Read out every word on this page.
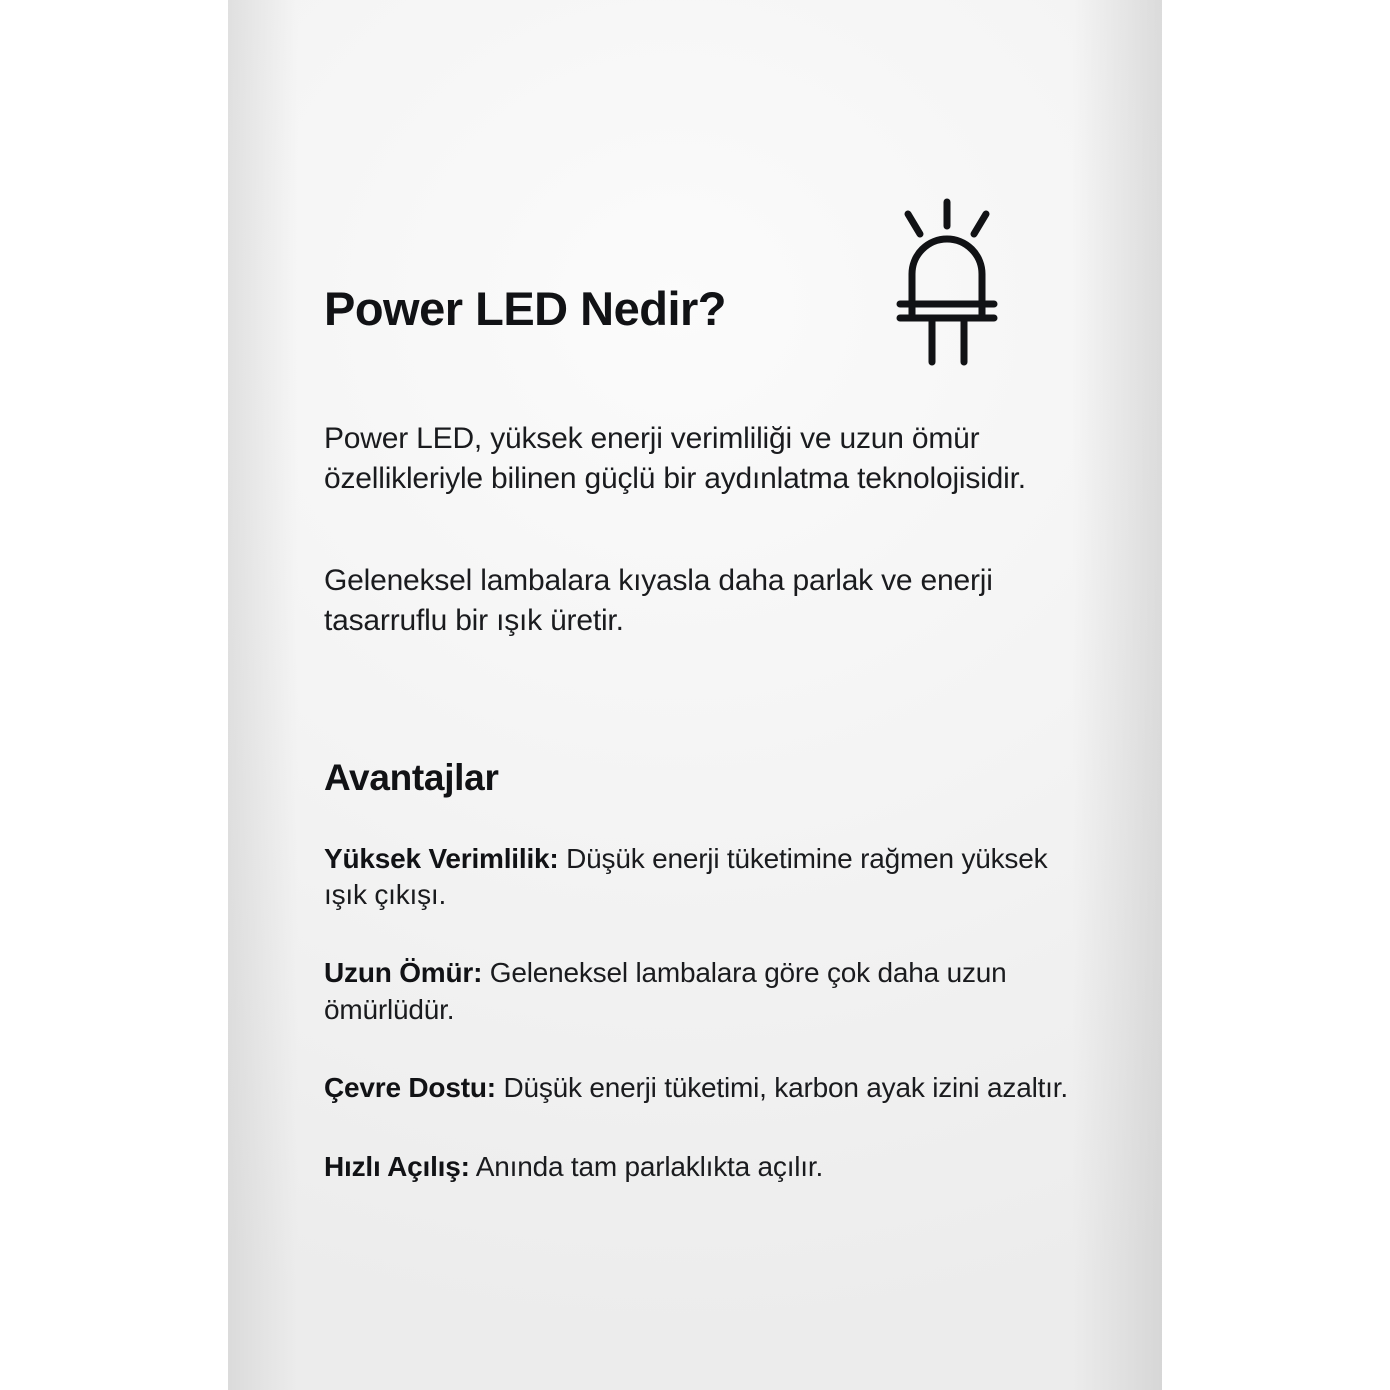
Power LED Nedir?

Power LED, yüksek enerji verimliliği ve uzun ömür özellikleriyle bilinen güçlü bir aydınlatma teknolojisidir.

Geleneksel lambalara kıyasla daha parlak ve enerji tasarruflu bir ışık üretir.

Avantajlar
Yüksek Verimlilik: Düşük enerji tüketimine rağmen yüksek ışık çıkışı.
Uzun Ömür: Geleneksel lambalara göre çok daha uzun ömürlüdür.
Çevre Dostu: Düşük enerji tüketimi, karbon ayak izini azaltır.
Hızlı Açılış: Anında tam parlaklıkta açılır.
